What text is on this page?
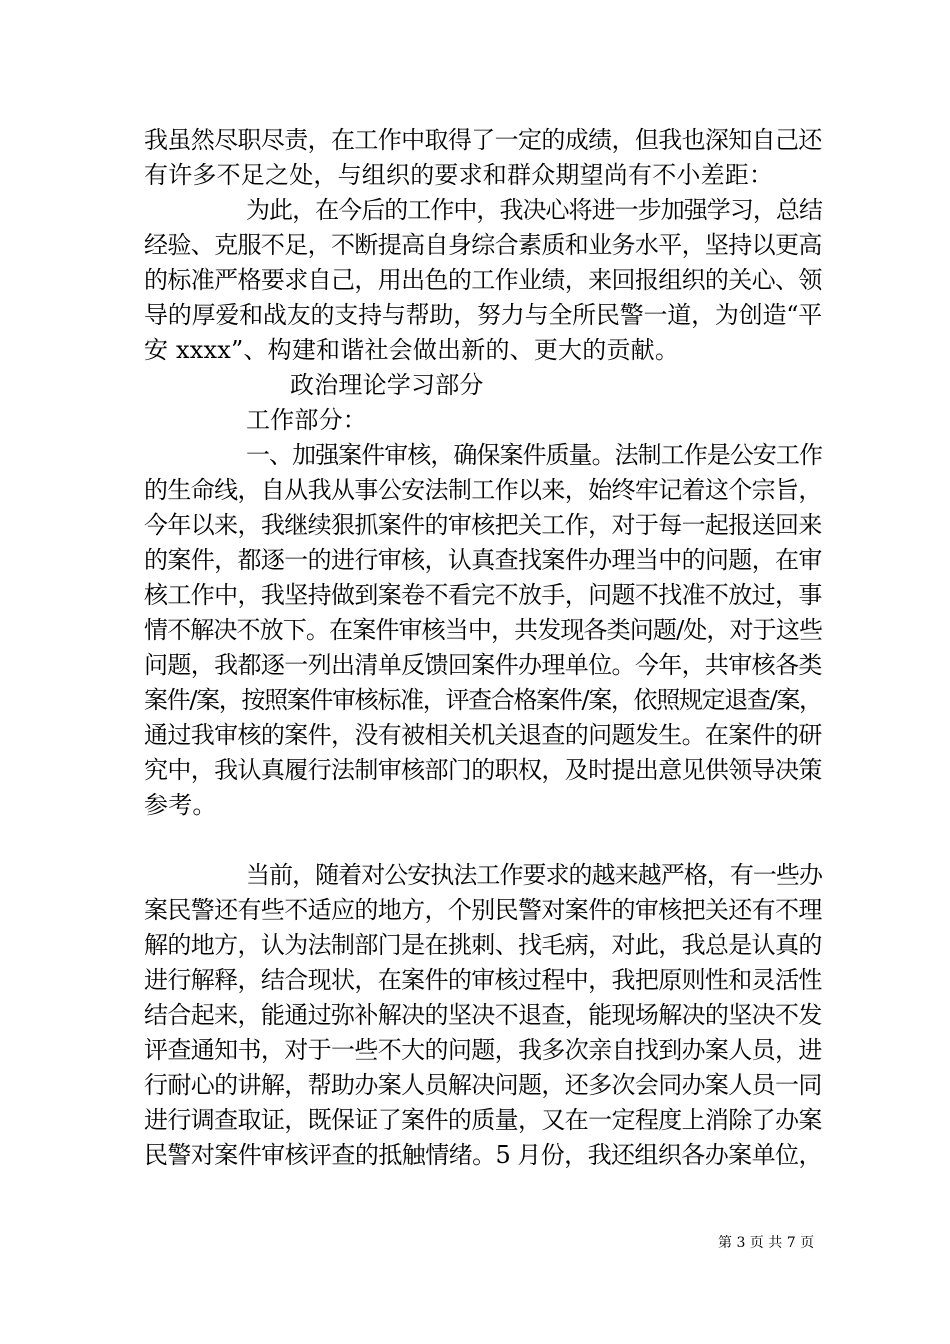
我虽然尽职尽责，在工作中取得了一定的成绩，但我也深知自己还
有许多不足之处，与组织的要求和群众期望尚有不小差距：
为此，在今后的工作中，我决心将进一步加强学习，总结
经验、克服不足，不断提高自身综合素质和业务水平，坚持以更高
的标准严格要求自己，用出色的工作业绩，来回报组织的关心、领
导的厚爱和战友的支持与帮助，努力与全所民警一道，为创造“平
安 xxxx”、构建和谐社会做出新的、更大的贡献。
政治理论学习部分
工作部分：
一、加强案件审核，确保案件质量。法制工作是公安工作
的生命线，自从我从事公安法制工作以来，始终牢记着这个宗旨，
今年以来，我继续狠抓案件的审核把关工作，对于每一起报送回来
的案件，都逐一的进行审核，认真查找案件办理当中的问题，在审
核工作中，我坚持做到案卷不看完不放手，问题不找准不放过，事
情不解决不放下。在案件审核当中，共发现各类问题/处，对于这些
问题，我都逐一列出清单反馈回案件办理单位。今年，共审核各类
案件/案，按照案件审核标准，评查合格案件/案，依照规定退查/案，
通过我审核的案件，没有被相关机关退查的问题发生。在案件的研
究中，我认真履行法制审核部门的职权，及时提出意见供领导决策
参考。
当前，随着对公安执法工作要求的越来越严格，有一些办
案民警还有些不适应的地方，个别民警对案件的审核把关还有不理
解的地方，认为法制部门是在挑刺、找毛病，对此，我总是认真的
进行解释，结合现状，在案件的审核过程中，我把原则性和灵活性
结合起来，能通过弥补解决的坚决不退查，能现场解决的坚决不发
评查通知书，对于一些不大的问题，我多次亲自找到办案人员，进
行耐心的讲解，帮助办案人员解决问题，还多次会同办案人员一同
进行调查取证，既保证了案件的质量，又在一定程度上消除了办案
民警对案件审核评查的抵触情绪。5 月份，我还组织各办案单位，
第 3 页 共 7 页
